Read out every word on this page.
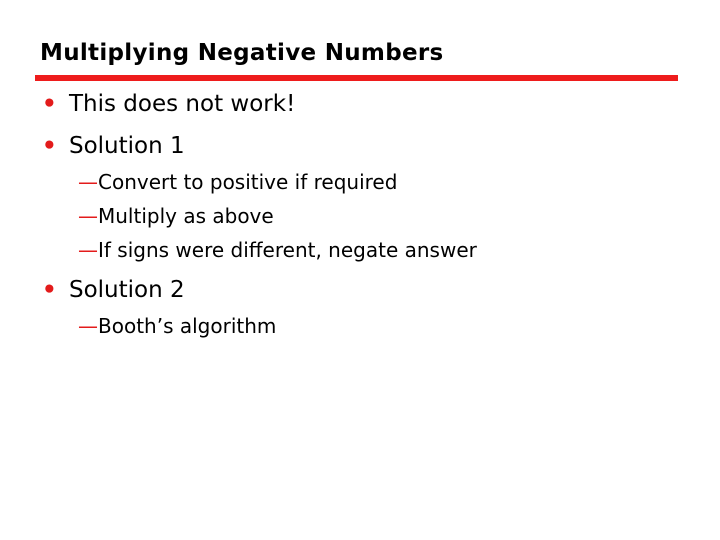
Multiplying Negative Numbers
• This does not work!
• Solution 1
—Convert to positive if required
—Multiply as above
—If signs were different, negate answer
• Solution 2
—Booth’s algorithm
